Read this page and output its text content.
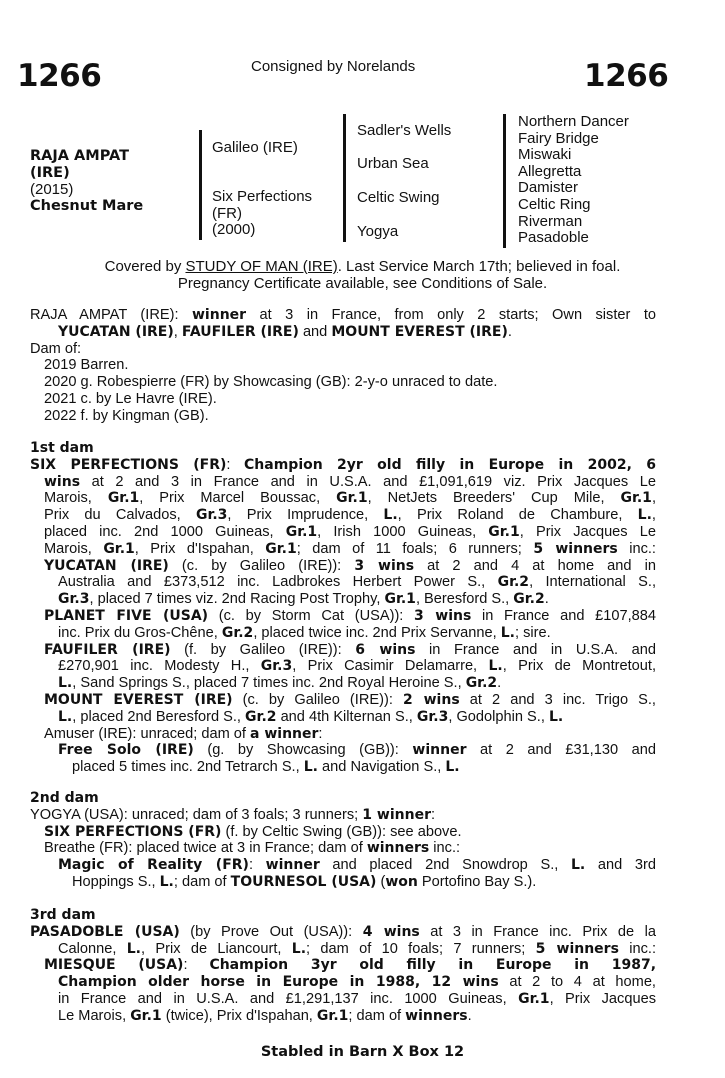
1266	Consigned by Norelands	1266
RAJA AMPAT
(IRE)
(2015)
Chesnut Mare
Galileo (IRE)
Six Perfections
(FR)
(2000)
Sadler's Wells
Urban Sea
Celtic Swing
Yogya
Northern Dancer
Fairy Bridge
Miswaki
Allegretta
Damister
Celtic Ring
Riverman
Pasadoble
Covered by STUDY OF MAN (IRE). Last Service March 17th; believed in foal.
Pregnancy Certificate available, see Conditions of Sale.
RAJA AMPAT (IRE): winner at 3 in France, from only 2 starts; Own sister to
YUCATAN (IRE), FAUFILER (IRE) and MOUNT EVEREST (IRE).
Dam of:
2019 Barren.
2020 g. Robespierre (FR) by Showcasing (GB): 2-y-o unraced to date.
2021 c. by Le Havre (IRE).
2022 f. by Kingman (GB).
1st dam
SIX PERFECTIONS (FR): Champion 2yr old filly in Europe in 2002, 6
wins at 2 and 3 in France and in U.S.A. and £1,091,619 viz. Prix Jacques Le
Marois, Gr.1, Prix Marcel Boussac, Gr.1, NetJets Breeders' Cup Mile, Gr.1,
Prix du Calvados, Gr.3, Prix Imprudence, L., Prix Roland de Chambure, L.,
placed inc. 2nd 1000 Guineas, Gr.1, Irish 1000 Guineas, Gr.1, Prix Jacques Le
Marois, Gr.1, Prix d'Ispahan, Gr.1; dam of 11 foals; 6 runners; 5 winners inc.:
YUCATAN (IRE) (c. by Galileo (IRE)): 3 wins at 2 and 4 at home and in
Australia and £373,512 inc. Ladbrokes Herbert Power S., Gr.2, International S.,
Gr.3, placed 7 times viz. 2nd Racing Post Trophy, Gr.1, Beresford S., Gr.2.
PLANET FIVE (USA) (c. by Storm Cat (USA)): 3 wins in France and £107,884
inc. Prix du Gros-Chêne, Gr.2, placed twice inc. 2nd Prix Servanne, L.; sire.
FAUFILER (IRE) (f. by Galileo (IRE)): 6 wins in France and in U.S.A. and
£270,901 inc. Modesty H., Gr.3, Prix Casimir Delamarre, L., Prix de Montretout,
L., Sand Springs S., placed 7 times inc. 2nd Royal Heroine S., Gr.2.
MOUNT EVEREST (IRE) (c. by Galileo (IRE)): 2 wins at 2 and 3 inc. Trigo S.,
L., placed 2nd Beresford S., Gr.2 and 4th Kilternan S., Gr.3, Godolphin S., L.
Amuser (IRE): unraced; dam of a winner:
Free Solo (IRE) (g. by Showcasing (GB)): winner at 2 and £31,130 and
placed 5 times inc. 2nd Tetrarch S., L. and Navigation S., L.
2nd dam
YOGYA (USA): unraced; dam of 3 foals; 3 runners; 1 winner:
SIX PERFECTIONS (FR) (f. by Celtic Swing (GB)): see above.
Breathe (FR): placed twice at 3 in France; dam of winners inc.:
Magic of Reality (FR): winner and placed 2nd Snowdrop S., L. and 3rd
Hoppings S., L.; dam of TOURNESOL (USA) (won Portofino Bay S.).
3rd dam
PASADOBLE (USA) (by Prove Out (USA)): 4 wins at 3 in France inc. Prix de la
Calonne, L., Prix de Liancourt, L.; dam of 10 foals; 7 runners; 5 winners inc.:
MIESQUE (USA): Champion 3yr old filly in Europe in 1987,
Champion older horse in Europe in 1988, 12 wins at 2 to 4 at home,
in France and in U.S.A. and £1,291,137 inc. 1000 Guineas, Gr.1, Prix Jacques
Le Marois, Gr.1 (twice), Prix d'Ispahan, Gr.1; dam of winners.
Stabled in Barn X Box 12
